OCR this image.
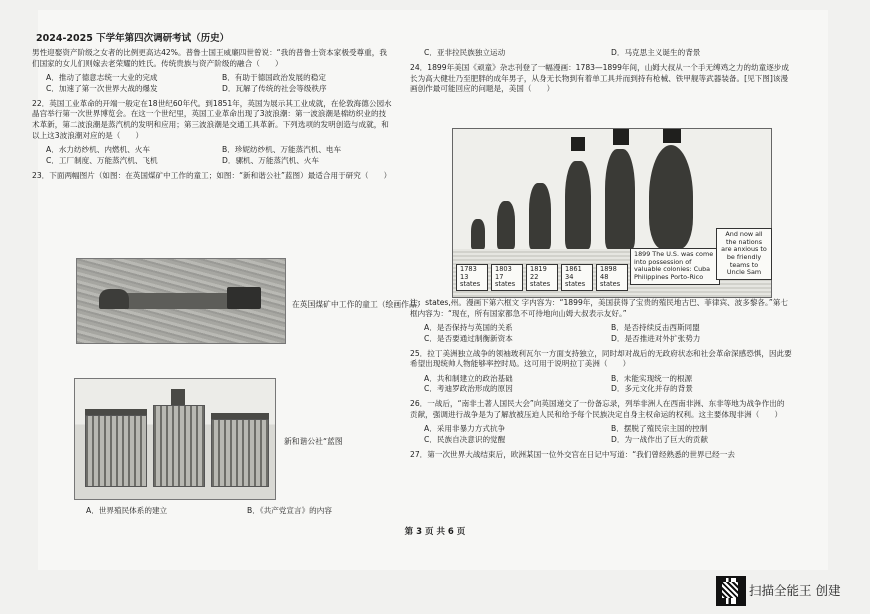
2024-2025 下学年第四次调研考试（历史）

男性迎娶资产阶级之女者的比例更高达42%。普鲁士国王威廉四世曾说：“我的普鲁士资本家极受尊重，我们国家的女儿们则嫁去老荣耀的姓氏。传统贵族与资产阶级的融合（　　）

A．推动了德意志统一大业的完成	B．有助于德国政治发展的稳定
C．加速了第一次世界大战的爆发	D．瓦解了传统的社会等级秩序

22．英国工业革命的开端一般定在18世纪60年代。到1851年，英国为展示其工业成就，在伦敦海德公园水晶宫举行第一次世界博览会。在这一个世纪里，英国工业革命出现了3波浪潮：第一波浪潮是棉纺织业的技术革新，第二波浪潮是蒸汽机的发明和应用；第三波浪潮是交通工具革新。下列选项的发明创造与成就，和以上这3波浪潮对应的是（　　）

A．水力纺纱机、内燃机、火车	B．珍妮纺纱机、万能蒸汽机、电车
C．工厂制度、万能蒸汽机、飞机	D．骡机、万能蒸汽机、火车

23．下面两幅图片（如图：在英国煤矿中工作的童工；如图：“新和谐公社”蓝图）最适合用于研究（　　）

在英国煤矿中工作的童工（绘画作品）
新和谐公社“蓝图
A．世界殖民体系的建立	B．《共产党宣言》的内容
C．亚非拉民族独立运动	D．马克思主义诞生的背景

24．1899年美国《顽童》杂志刊登了一幅漫画：1783—1899年间，山姆大叔从一个手无缚鸡之力的幼童逐步成长为高大健壮乃至肥胖的成年男子，从身无长物到有着单工具并而到持有枪械、铁甲舰等武器装备。[见下图]该漫画创作最可能回应的问题是，美国（　　）

1783
13 states
1803
17 states
1819
22 states
1861
34 states
1898
48 states
1899 The U.S. was come into possession of valuable colonies: Cuba Philippines Porto-Rico
And now all the nations are anxious to be friendly teams to Uncle Sam

注：states,州。漫画下第六框文 字内容为：“1899年，美国获得了宝贵的殖民地古巴、菲律宾、波多黎各。”第七框内容为：“现在，所有国家都急不可待地向山姆大叔表示友好。”

A．是否保持与英国的关系	B．是否持续反击西斯同盟
C．是否要通过制衡新资本	D．是否推进对外扩张势力

25．拉丁美洲独立战争的领袖玻利瓦尔一方面支持独立，同时却对战后的无政府状态和社会革命深感恐惧，因此要希望出现统帅人物能够率控时局。这可用于说明拉丁美洲（　　）

A．共和制建立的政治基础	B．未能实现统一的根源
C．考迪罗政治形成的原因	D．多元文化并存的背景

26．一战后，“南非土著人国民大会”向英国递交了一份备忘录，列举非洲人在西南非洲、东非等地为战争作出的贡献，强调进行战争是为了解放被压迫人民和给予每个民族决定自身主权命运的权利。这主要体现非洲（　　）

A．采用非暴力方式抗争	B．摆脱了殖民宗主国的控制
C．民族自决意识的觉醒	D．为一战作出了巨大的贡献

27．第一次世界大战结束后，欧洲某国一位外交官在日记中写道：“我们曾经熟悉的世界已经一去

第 3 页 共 6 页
扫描全能王 创建
